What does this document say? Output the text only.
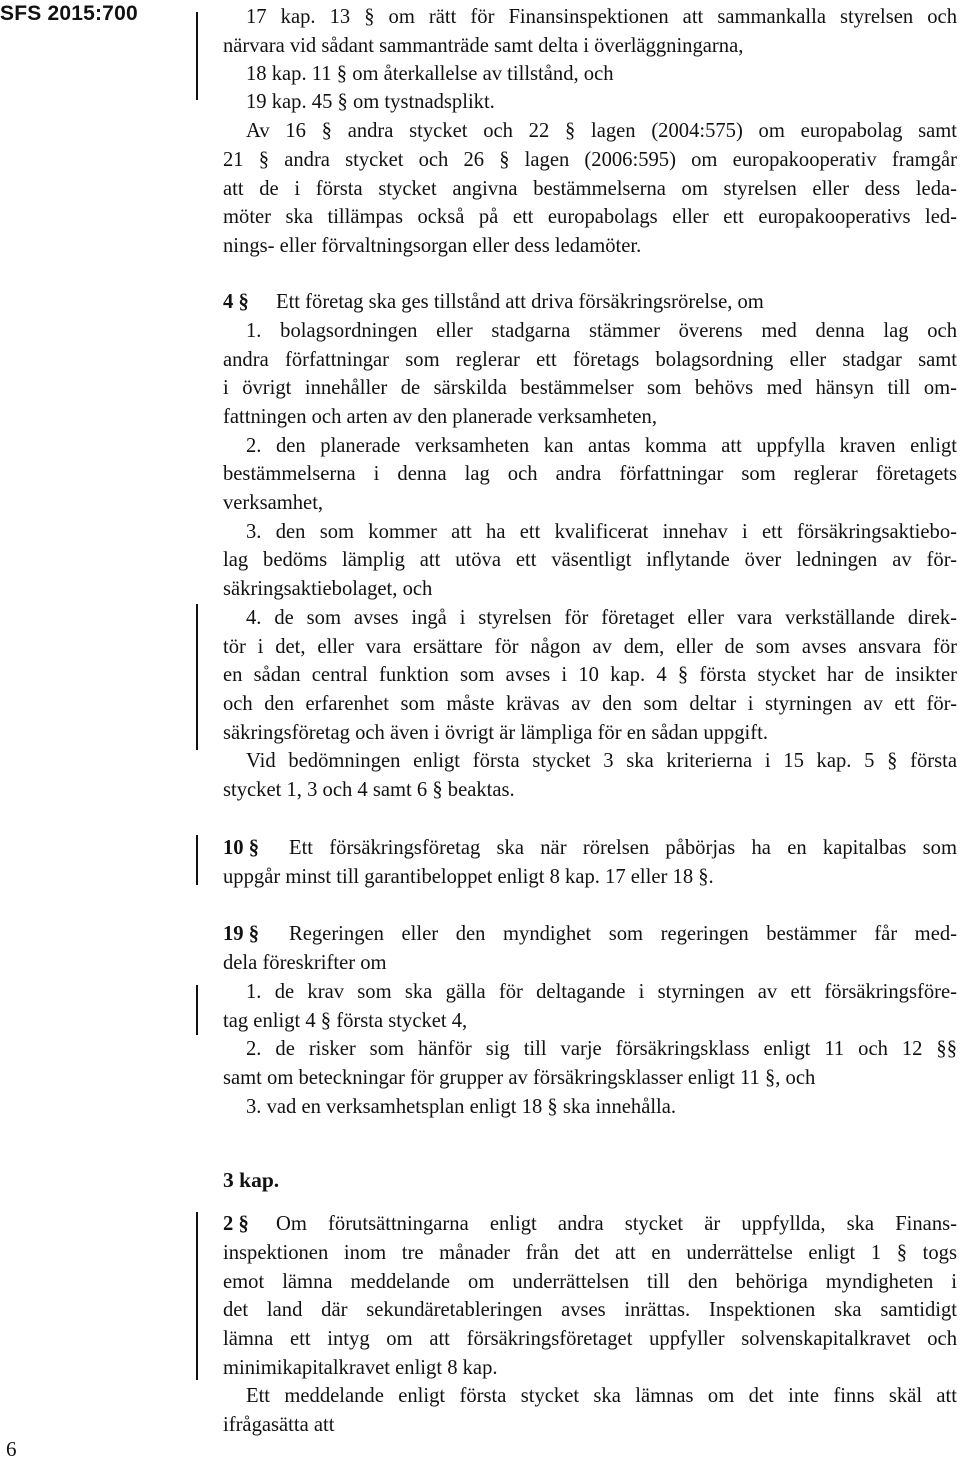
SFS 2015:700
6
17 kap. 13 § om rätt för Finansinspektionen att sammankalla styrelsen och
närvara vid sådant sammanträde samt delta i överläggningarna,
18 kap. 11 § om återkallelse av tillstånd, och
19 kap. 45 § om tystnadsplikt.
Av 16 § andra stycket och 22 § lagen (2004:575) om europabolag samt
21 § andra stycket och 26 § lagen (2006:595) om europakooperativ framgår
att de i första stycket angivna bestämmelserna om styrelsen eller dess leda-
möter ska tillämpas också på ett europabolags eller ett europakooperativs led-
nings- eller förvaltningsorgan eller dess ledamöter.
4 § Ett företag ska ges tillstånd att driva försäkringsrörelse, om
1. bolagsordningen eller stadgarna stämmer överens med denna lag och
andra författningar som reglerar ett företags bolagsordning eller stadgar samt
i övrigt innehåller de särskilda bestämmelser som behövs med hänsyn till om-
fattningen och arten av den planerade verksamheten,
2. den planerade verksamheten kan antas komma att uppfylla kraven enligt
bestämmelserna i denna lag och andra författningar som reglerar företagets
verksamhet,
3. den som kommer att ha ett kvalificerat innehav i ett försäkringsaktiebo-
lag bedöms lämplig att utöva ett väsentligt inflytande över ledningen av för-
säkringsaktiebolaget, och
4. de som avses ingå i styrelsen för företaget eller vara verkställande direk-
tör i det, eller vara ersättare för någon av dem, eller de som avses ansvara för
en sådan central funktion som avses i 10 kap. 4 § första stycket har de insikter
och den erfarenhet som måste krävas av den som deltar i styrningen av ett för-
säkringsföretag och även i övrigt är lämpliga för en sådan uppgift.
Vid bedömningen enligt första stycket 3 ska kriterierna i 15 kap. 5 § första
stycket 1, 3 och 4 samt 6 § beaktas.
10 § Ett försäkringsföretag ska när rörelsen påbörjas ha en kapitalbas som
uppgår minst till garantibeloppet enligt 8 kap. 17 eller 18 §.
19 § Regeringen eller den myndighet som regeringen bestämmer får med-
dela föreskrifter om
1. de krav som ska gälla för deltagande i styrningen av ett försäkringsföre-
tag enligt 4 § första stycket 4,
2. de risker som hänför sig till varje försäkringsklass enligt 11 och 12 §§
samt om beteckningar för grupper av försäkringsklasser enligt 11 §, och
3. vad en verksamhetsplan enligt 18 § ska innehålla.
3 kap.
2 § Om förutsättningarna enligt andra stycket är uppfyllda, ska Finans-
inspektionen inom tre månader från det att en underrättelse enligt 1 § togs
emot lämna meddelande om underrättelsen till den behöriga myndigheten i
det land där sekundäretableringen avses inrättas. Inspektionen ska samtidigt
lämna ett intyg om att försäkringsföretaget uppfyller solvenskapitalkravet och
minimikapitalkravet enligt 8 kap.
Ett meddelande enligt första stycket ska lämnas om det inte finns skäl att
ifrågasätta att
